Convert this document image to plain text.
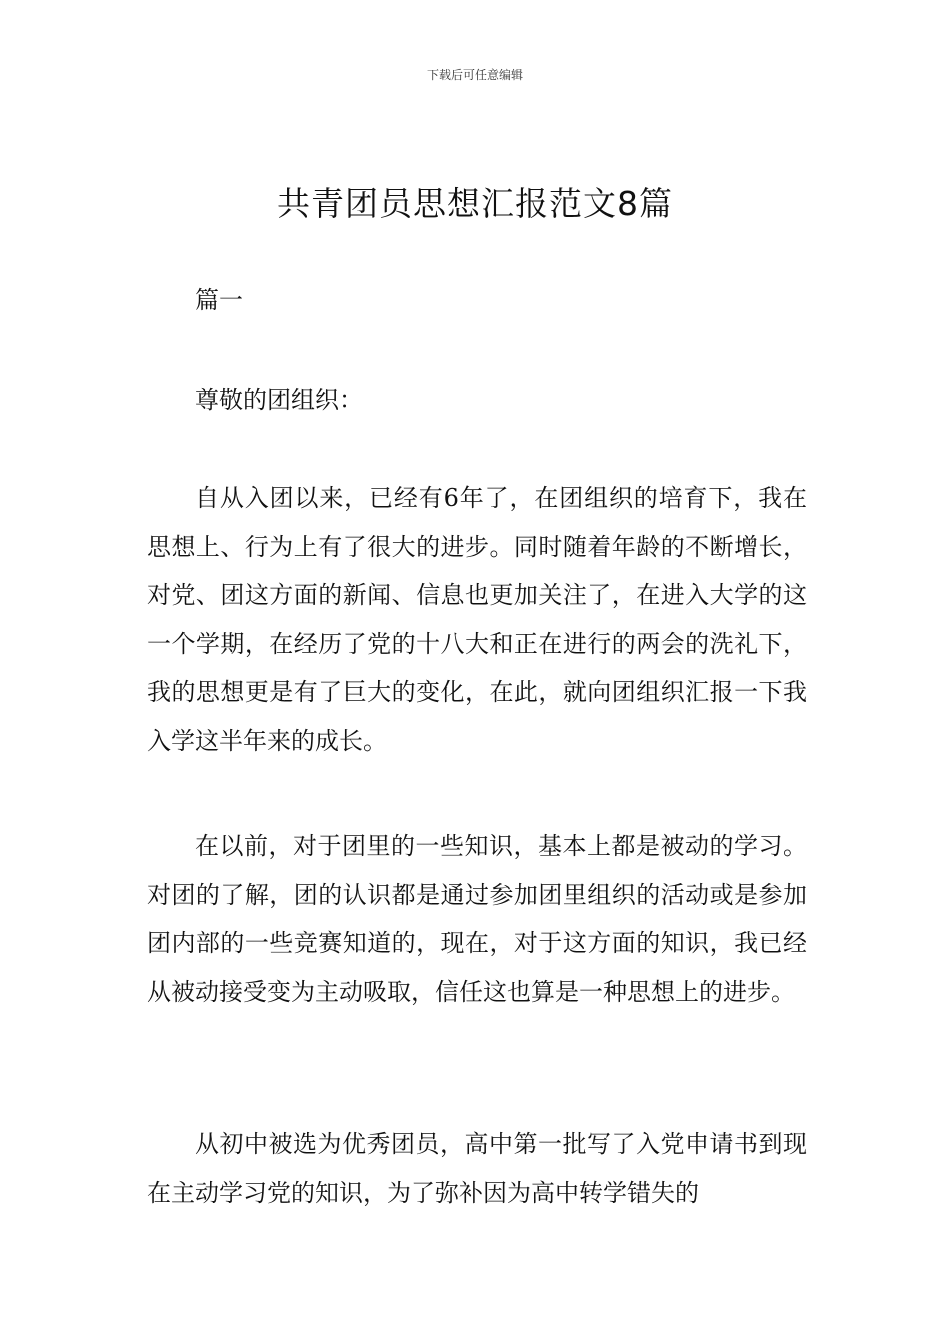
下载后可任意编辑
共青团员思想汇报范文8篇

篇一

尊敬的团组织：

自从入团以来，已经有6年了，在团组织的培育下，我在思想上、行为上有了很大的进步。同时随着年龄的不断增长，对党、团这方面的新闻、信息也更加关注了，在进入大学的这一个学期，在经历了党的十八大和正在进行的两会的洗礼下，我的思想更是有了巨大的变化，在此，就向团组织汇报一下我入学这半年来的成长。

在以前，对于团里的一些知识，基本上都是被动的学习。对团的了解，团的认识都是通过参加团里组织的活动或是参加团内部的一些竞赛知道的，现在，对于这方面的知识，我已经从被动接受变为主动吸取，信任这也算是一种思想上的进步。

从初中被选为优秀团员，高中第一批写了入党申请书到现在主动学习党的知识，为了弥补因为高中转学错失的
